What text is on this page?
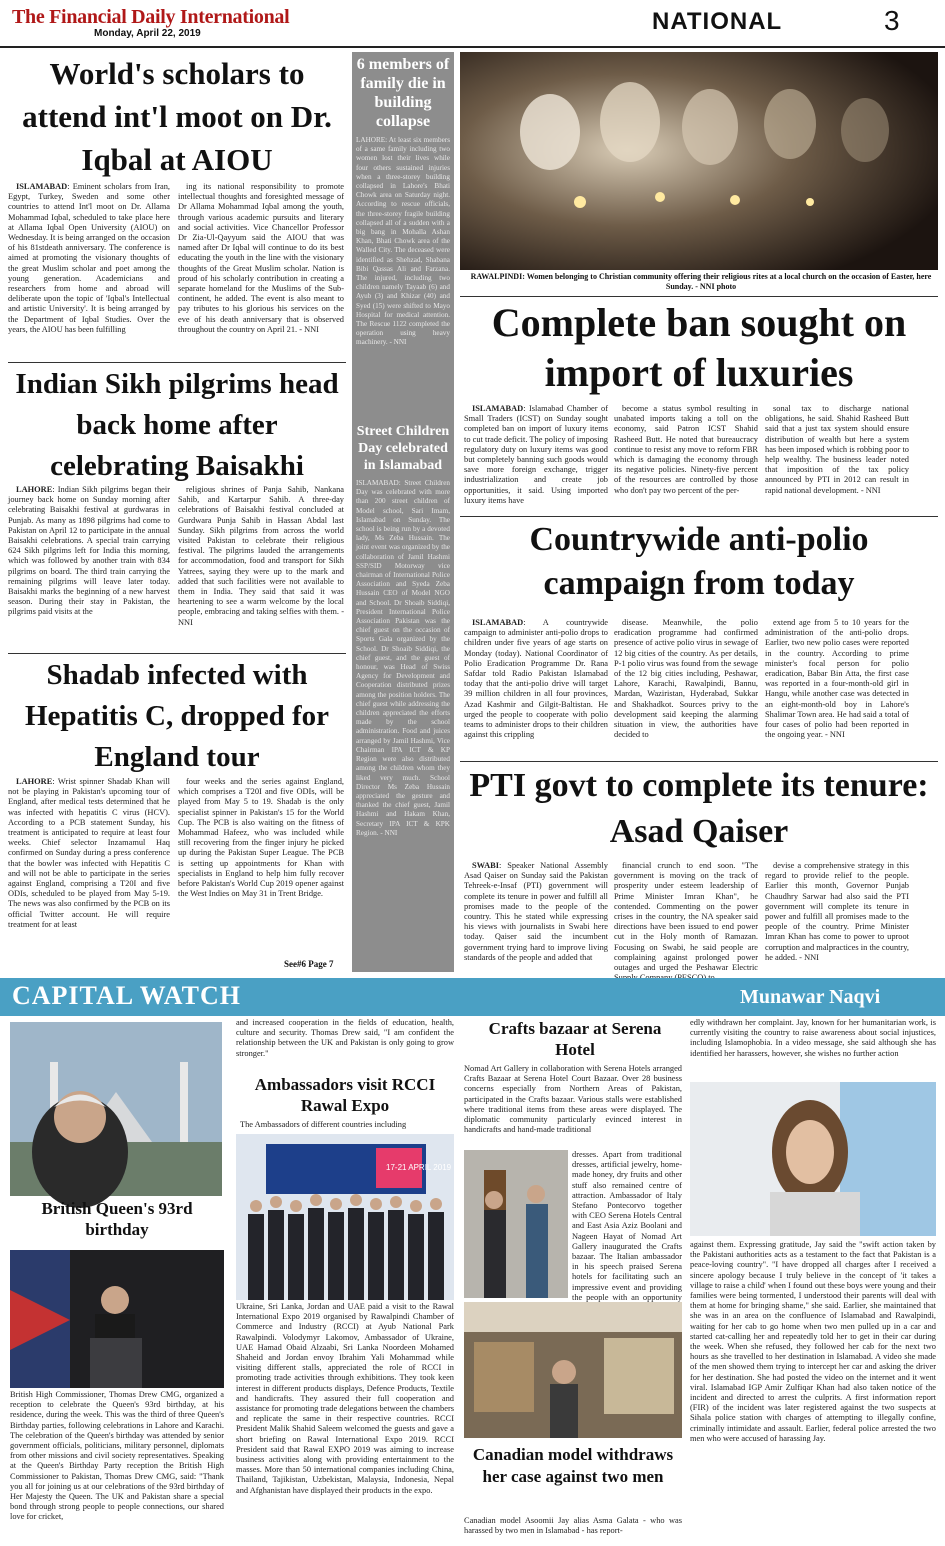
The Financial Daily International
Monday, April 22, 2019	NATIONAL	3
World's scholars to attend int'l moot on Dr. Iqbal at AIOU

ISLAMABAD: Eminent scholars from Iran, Egypt, Turkey, Sweden and some other countries to attend Int'l moot on Dr. Allama Mohammad Iqbal, scheduled to take place here at Allama Iqbal Open University (AIOU) on Wednesday. It is being arranged on the occasion of his 81stdeath anniversary. The conference is aimed at promoting the visionary thoughts of the great Muslim scholar and poet among the young generation. Academicians and researchers from home and abroad will deliberate upon the topic of 'Iqbal's Intellectual and artistic University'. It is being arranged by the Department of Iqbal Studies. Over the years, the AIOU has been fulfilling

ing its national responsibility to promote intellectual thoughts and foresighted message of Dr Allama Mohammad Iqbal among the youth, through various academic pursuits and literary and social activities. Vice Chancellor Professor Dr Zia-Ul-Qayyum said the AIOU that was named after Dr Iqbal will continue to do its best educating the youth in the line with the visionary thoughts of the Great Muslim scholar. Nation is proud of his scholarly contribution in creating a separate homeland for the Muslims of the Sub-continent, he added. The event is also meant to pay tributes to his glorious his services on the eve of his death anniversary that is observed throughout the country on April 21. - NNI

Indian Sikh pilgrims head back home after celebrating Baisakhi

LAHORE: Indian Sikh pilgrims began their journey back home on Sunday morning after celebrating Baisakhi festival at gurdwaras in Punjab. As many as 1898 pilgrims had come to Pakistan on April 12 to participate in the annual Baisakhi celebrations. A special train carrying 624 Sikh pilgrims left for India this morning, which was followed by another train with 834 pilgrims on board. The third train carrying the remaining pilgrims will leave later today. Baisakhi marks the beginning of a new harvest season. During their stay in Pakistan, the pilgrims paid visits at the

religious shrines of Panja Sahib, Nankana Sahib, and Kartarpur Sahib. A three-day celebrations of Baisakhi festival concluded at Gurdwara Punja Sahib in Hassan Abdal last Sunday. Sikh pilgrims from across the world visited Pakistan to celebrate their religious festival. The pilgrims lauded the arrangements for accommodation, food and transport for Sikh Yatrees, saying they were up to the mark and added that such facilities were not available to them in India. They said that said it was heartening to see a warm welcome by the local people, embracing and taking selfies with them. - NNI

Shadab infected with Hepatitis C, dropped for England tour

LAHORE: Wrist spinner Shadab Khan will not be playing in Pakistan's upcoming tour of England, after medical tests determined that he was infected with hepatitis C virus (HCV). According to a PCB statement Sunday, his treatment is anticipated to require at least four weeks. Chief selector Inzamamul Haq confirmed on Sunday during a press conference that the bowler was infected with Hepatitis C and will not be able to participate in the series against England, comprising a T20I and five ODIs, scheduled to be played from May 5-19. The news was also confirmed by the PCB on its official Twitter account. He will require treatment for at least

four weeks and the series against England, which comprises a T20I and five ODIs, will be played from May 5 to 19. Shadab is the only specialist spinner in Pakistan's 15 for the World Cup. The PCB is also waiting on the fitness of Mohammad Hafeez, who was included while still recovering from the finger injury he picked up during the Pakistan Super League. The PCB is setting up appointments for Khan with specialists in England to help him fully recover before Pakistan's World Cup 2019 opener against the West Indies on May 31 in Trent Bridge.

See#6 Page 7
6 members of family die in building collapse
LAHORE: At least six members of a same family including two women lost their lives while four others sustained injuries when a three-storey building collapsed in Lahore's Bhati Chowk area on Saturday night. According to rescue officials, the three-storey fragile building collapsed all of a sudden with a big bang in Mohalla Ashan Khan, Bhati Chowk area of the Walled City. The deceased were identified as Shehzad, Shabana Bibi Qassas Ali and Farzana. The injured, including two children namely Tayaab (6) and Ayub (3) and Khizar (40) and Syed (15) were shifted to Mayo Hospital for medical attention. The Rescue 1122 completed the operation using heavy machinery. - NNI
Street Children Day celebrated in Islamabad
ISLAMABAD: Street Children Day was celebrated with more than 200 street children of Model school, Sari Imam, Islamabad on Sunday. The school is being run by a devoted lady, Ms Zeba Hussain. The joint event was organized by the collaboration of Jamil Hashmi SSP/SID Motorway vice chairman of International Police Association and Syeda Zeba Hussain CEO of Model NGO and School. Dr Shoaib Siddiqi, President International Police Association Pakistan was the chief guest on the occasion of Sports Gala organized by the School. Dr Shoaib Siddiqi, the chief guest, and the guest of honour, was Head of Swiss Agency for Development and Cooperation distributed prizes among the position holders. The chief guest while addressing the children appreciated the efforts made by the school administration. Food and juices arranged by Jamil Hashmi, Vice Chairman IPA ICT & KP Region were also distributed among the children whom they liked very much. School Director Ms Zeba Hussain appreciated the gesture and thanked the chief guest, Jamil Hashmi and Hakam Khan, Secretary IPA ICT & KPK Region. - NNI
RAWALPINDI: Women belonging to Christian community offering their religious rites at a local church on the occasion of Easter, here Sunday. - NNI photo
Complete ban sought on import of luxuries

ISLAMABAD: Islamabad Chamber of Small Traders (ICST) on Sunday sought completed ban on import of luxury items to cut trade deficit. The policy of imposing regulatory duty on luxury items was good but completely banning such goods would save more foreign exchange, trigger industrialization and create job opportunities, it said. Using imported luxury items have

become a status symbol resulting in unabated imports taking a toll on the economy, said Patron ICST Shahid Rasheed Butt. He noted that bureaucracy continue to resist any move to reform FBR which is damaging the economy through its negative policies. Ninety-five percent of the resources are controlled by those who don't pay two percent of the per-

sonal tax to discharge national obligations, he said. Shahid Rasheed Butt said that a just tax system should ensure distribution of wealth but here a system has been imposed which is robbing poor to help wealthy. The business leader noted that imposition of the tax policy announced by PTI in 2012 can result in rapid national development. - NNI

Countrywide anti-polio campaign from today

ISLAMABAD: A countrywide campaign to administer anti-polio drops to children under five years of age starts on Monday (today). National Coordinator of Polio Eradication Programme Dr. Rana Safdar told Radio Pakistan Islamabad today that the anti-polio drive will target 39 million children in all four provinces, Azad Kashmir and Gilgit-Baltistan. He urged the people to cooperate with polio teams to administer drops to their children against this crippling

disease. Meanwhile, the polio eradication programme had confirmed presence of active polio virus in sewage of 12 big cities of the country. As per details, P-1 polio virus was found from the sewage of the 12 big cities including, Peshawar, Lahore, Karachi, Rawalpindi, Bannu, Mardan, Waziristan, Hyderabad, Sukkar and Shakhadkot. Sources privy to the development said keeping the alarming situation in view, the authorities have decided to

extend age from 5 to 10 years for the administration of the anti-polio drops. Earlier, two new polio cases were reported in the country. According to prime minister's focal person for polio eradication, Babar Bin Atta, the first case was reported in a four-month-old girl in Hangu, while another case was detected in an eight-month-old boy in Lahore's Shalimar Town area. He had said a total of four cases of polio had been reported in the ongoing year. - NNI

PTI govt to complete its tenure: Asad Qaiser

SWABI: Speaker National Assembly Asad Qaiser on Sunday said the Pakistan Tehreek-e-Insaf (PTI) government will complete its tenure in power and fulfill all promises made to the people of the country. This he stated while expressing his views with journalists in Swabi here today. Qaiser said the incumbent government trying hard to improve living standards of the people and added that

financial crunch to end soon. "The government is moving on the track of prosperity under esteem leadership of Prime Minister Imran Khan", he contended. Commenting on the power crises in the country, the NA speaker said directions have been issued to end power cut in the Holy month of Ramazan. Focusing on Swabi, he said people are complaining against prolonged power outages and urged the Peshawar Electric

devise a comprehensive strategy in this regard to provide relief to the people. Earlier this month, Governor Punjab Chaudhry Sarwar had also said the PTI government will complete its tenure in power and fulfill all promises made to the people of the country. Prime Minister Imran Khan has come to power to uproot corruption and malpractices in the country, he added. - NNI

CAPITAL WATCH	Munawar Naqvi
British Queen's 93rd birthday
British High Commissioner, Thomas Drew CMG, organized a reception to celebrate the Queen's 93rd birthday, at his residence, during the week. This was the third of three Queen's Birthday parties, following celebrations in Lahore and Karachi. The celebration of the Queen's birthday was attended by senior government officials, politicians, military personnel, diplomats from other missions and civil society representatives. Speaking at the Queen's Birthday Party reception the British High Commissioner to Pakistan, Thomas Drew CMG, said: "Thank you all for joining us at our celebrations of the 93rd birthday of Her Majesty the Queen. The UK and Pakistan share a special bond through strong people to people connections, our shared love for cricket,
and increased cooperation in the fields of education, health, culture and security. Thomas Drew said, "I am confident the relationship between the UK and Pakistan is only going to grow stronger."
Ambassadors visit RCCI Rawal Expo
The Ambassadors of different countries including
17-21 APRIL 2019
Ukraine, Sri Lanka, Jordan and UAE paid a visit to the Rawal International Expo 2019 organised by Rawalpindi Chamber of Commerce and Industry (RCCI) at Ayub National Park Rawalpindi. Volodymyr Lakomov, Ambassador of Ukraine, UAE Hamad Obaid Alzaabi, Sri Lanka Noordeen Mohamed Shaheid and Jordan envoy Ibrahim Yali Mohammad while visiting different stalls, appreciated the role of RCCI in promoting trade activities through exhibitions. They took keen interest in different products displays, Defence Products, Textile and handicrafts. They assured their full cooperation and assistance for promoting trade delegations between the chambers and replicate the same in their respective countries. RCCI President Malik Shahid Saleem welcomed the guests and gave a short briefing on Rawal International Expo 2019. RCCI President said that Rawal EXPO 2019 was aiming to increase business activities along with providing entertainment to the masses. More than 50 international companies including China, Thailand, Tajikistan, Uzbekistan, Malaysia, Indonesia, Nepal and Afghanistan have displayed their products in the expo.
Crafts bazaar at Serena Hotel
Nomad Art Gallery in collaboration with Serena Hotels arranged Crafts Bazaar at Serena Hotel Court Bazaar. Over 28 business concerns especially from Northern Areas of Pakistan, participated in the Crafts bazaar. Various stalls were established where traditional items from these areas were displayed. The diplomatic community particularly evinced interest in handicrafts and hand-made traditional
dresses. Apart from traditional dresses, artificial jewelry, home-made honey, dry fruits and other stuff also remained centre of attraction. Ambassador of Italy Stefano Pontecorvo together with CEO Serena Hotels Central and East Asia Aziz Boolani and Nageen Hayat of Nomad Art Gallery inaugurated the Crafts bazaar. The Italian ambassador in his speech praised Serena hotels for facilitating such an impressive event and providing the people with an opportunity
Canadian model withdraws her case against two men
Canadian model Asoomii Jay alias Asma Galata - who was harassed by two men in Islamabad - has report-
edly withdrawn her complaint. Jay, known for her humanitarian work, is currently visiting the country to raise awareness about social injustices, including Islamophobia. In a video message, she said although she has identified her harassers, however, she wishes no further action
against them. Expressing gratitude, Jay said the "swift action taken by the Pakistani authorities acts as a testament to the fact that Pakistan is a peace-loving country". "I have dropped all charges after I received a sincere apology because I truly believe in the concept of 'it takes a village to raise a child' when I found out these boys were young and their families were being tormented, I understood their parents will deal with them at home for bringing shame," she said. Earlier, she maintained that she was in an area on the confluence of Islamabad and Rawalpindi, waiting for her cab to go home when two men pulled up in a car and started cat-calling her and repeatedly told her to get in their car during the week. When she refused, they followed her cab for the next two hours as she travelled to her destination in Islamabad. A video she made of the men showed them trying to intercept her car and asking the driver for her destination. She had posted the video on the internet and it went viral. Islamabad IGP Amir Zulfiqar Khan had also taken notice of the incident and directed to arrest the culprits. A first information report (FIR) of the incident was later registered against the two suspects at Sihala police station with charges of attempting to illegally confine, criminally intimidate and assault. Earlier, federal police arrested the two men who were accused of harassing Jay.
